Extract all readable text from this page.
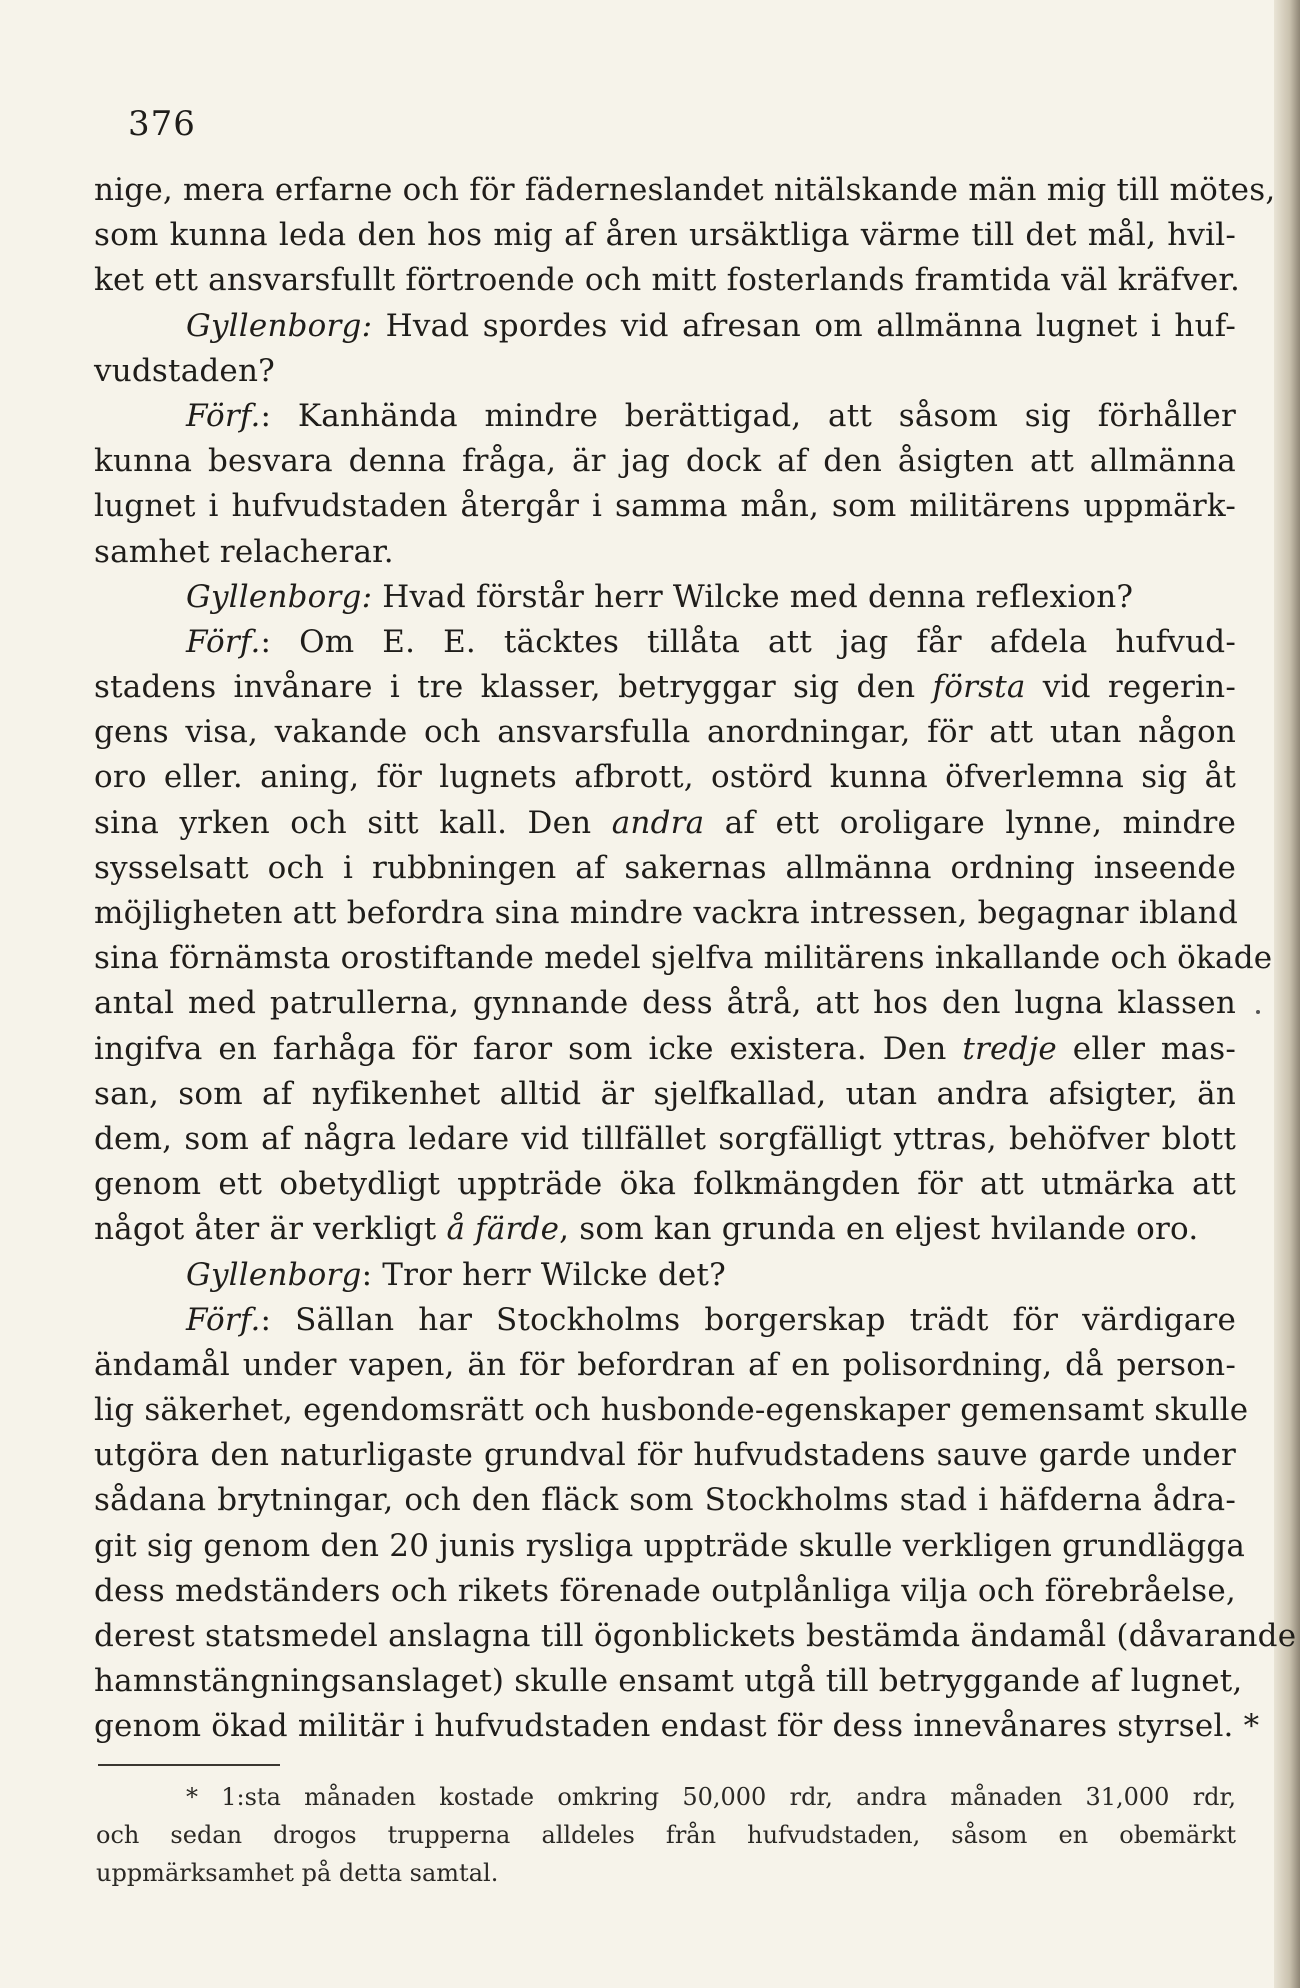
376
nige, mera erfarne och för fäderneslandet nitälskande män mig till mötes,
som kunna leda den hos mig af åren ursäktliga värme till det mål, hvil-
ket ett ansvarsfullt förtroende och mitt fosterlands framtida väl kräfver.
Gyllenborg: Hvad spordes vid afresan om allmänna lugnet i huf-
vudstaden?
Förf.: Kanhända mindre berättigad, att såsom sig förhåller
kunna besvara denna fråga, är jag dock af den åsigten att allmänna
lugnet i hufvudstaden återgår i samma mån, som militärens uppmärk-
samhet relacherar.
Gyllenborg: Hvad förstår herr Wilcke med denna reflexion?
Förf.: Om E. E. täcktes tillåta att jag får afdela hufvud-
stadens invånare i tre klasser, betryggar sig den första vid regerin-
gens visa, vakande och ansvarsfulla anordningar, för att utan någon
oro eller. aning, för lugnets afbrott, ostörd kunna öfverlemna sig åt
sina yrken och sitt kall. Den andra af ett oroligare lynne, mindre
sysselsatt och i rubbningen af sakernas allmänna ordning inseende
möjligheten att befordra sina mindre vackra intressen, begagnar ibland
sina förnämsta orostiftande medel sjelfva militärens inkallande och ökade
antal med patrullerna, gynnande dess åtrå, att hos den lugna klassen
ingifva en farhåga för faror som icke existera. Den tredje eller mas-
san, som af nyfikenhet alltid är sjelfkallad, utan andra afsigter, än
dem, som af några ledare vid tillfället sorgfälligt yttras, behöfver blott
genom ett obetydligt uppträde öka folkmängden för att utmärka att
något åter är verkligt å färde, som kan grunda en eljest hvilande oro.
Gyllenborg: Tror herr Wilcke det?
Förf.: Sällan har Stockholms borgerskap trädt för värdigare
ändamål under vapen, än för befordran af en polisordning, då person-
lig säkerhet, egendomsrätt och husbonde-egenskaper gemensamt skulle
utgöra den naturligaste grundval för hufvudstadens sauve garde under
sådana brytningar, och den fläck som Stockholms stad i häfderna ådra-
git sig genom den 20 junis rysliga uppträde skulle verkligen grundlägga
dess medständers och rikets förenade outplånliga vilja och förebråelse,
derest statsmedel anslagna till ögonblickets bestämda ändamål (dåvarande
hamnstängningsanslaget) skulle ensamt utgå till betryggande af lugnet,
genom ökad militär i hufvudstaden endast för dess innevånares styrsel. *
* 1:sta månaden kostade omkring 50,000 rdr, andra månaden 31,000 rdr,
och sedan drogos trupperna alldeles från hufvudstaden, såsom en obemärkt
uppmärksamhet på detta samtal.
